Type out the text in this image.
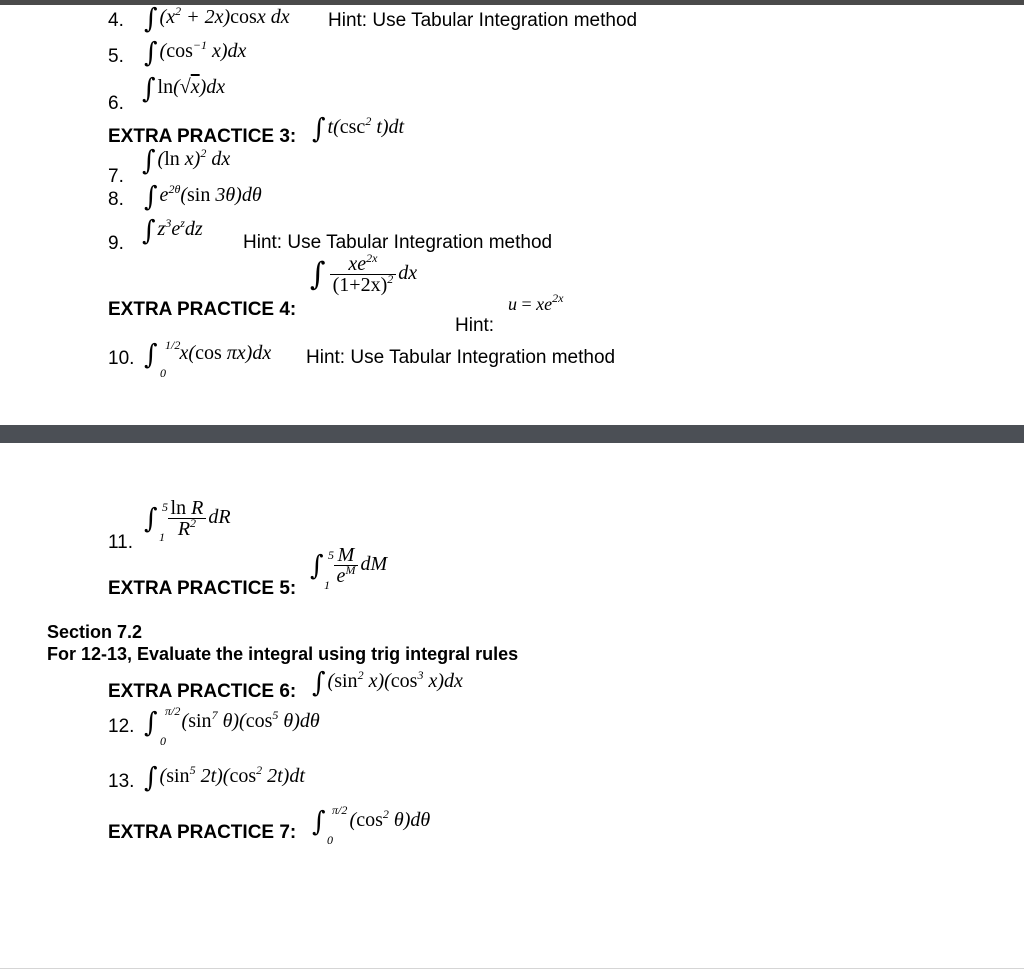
4. ∫ $(x^2 + 2x)\cos x$ dx Hint: Use Tabular Integration method
5. ∫ ($\cos^{-1}$ x)dx
∫ ln(√x)dx
6.
EXTRA PRACTICE 3: ∫ $t(\csc^2$ t)dt
∫ (ln x)$^2$ dx
7.
8. ∫ $e^{2\theta}(\sin$ 3θ)dθ
∫ $z^3e^zdz$
9.	Hint: Use Tabular Integration method
EXTRA PRACTICE 4:
∫ $\frac{xe^{2x}}{(1+2x)^2}$ dx
$u = xe^{2x}$
Hint:
10. ∫ x(cos πx)dx
1/2
0
Hint: Use Tabular Integration method
∫ $\frac{\text{ln R}}{R^2}$ dR
5
1
11.
EXTRA PRACTICE 5:
∫ $\frac{M}{e^M}$ dM
5
1
Section 7.2
For 12-13, Evaluate the integral using trig integral rules
EXTRA PRACTICE 6: ∫ ($\sin^2$ $x)(\cos^3$ x)dx
12. ∫ ($\sin^7$ $\theta)(\cos^5$ θ)dθ
π/2
0
13. ∫ ($\sin^5$ $2t)(\cos^2$ 2t)dt
EXTRA PRACTICE 7: ∫ ($\cos^2$ θ)dθ
π/2
0
